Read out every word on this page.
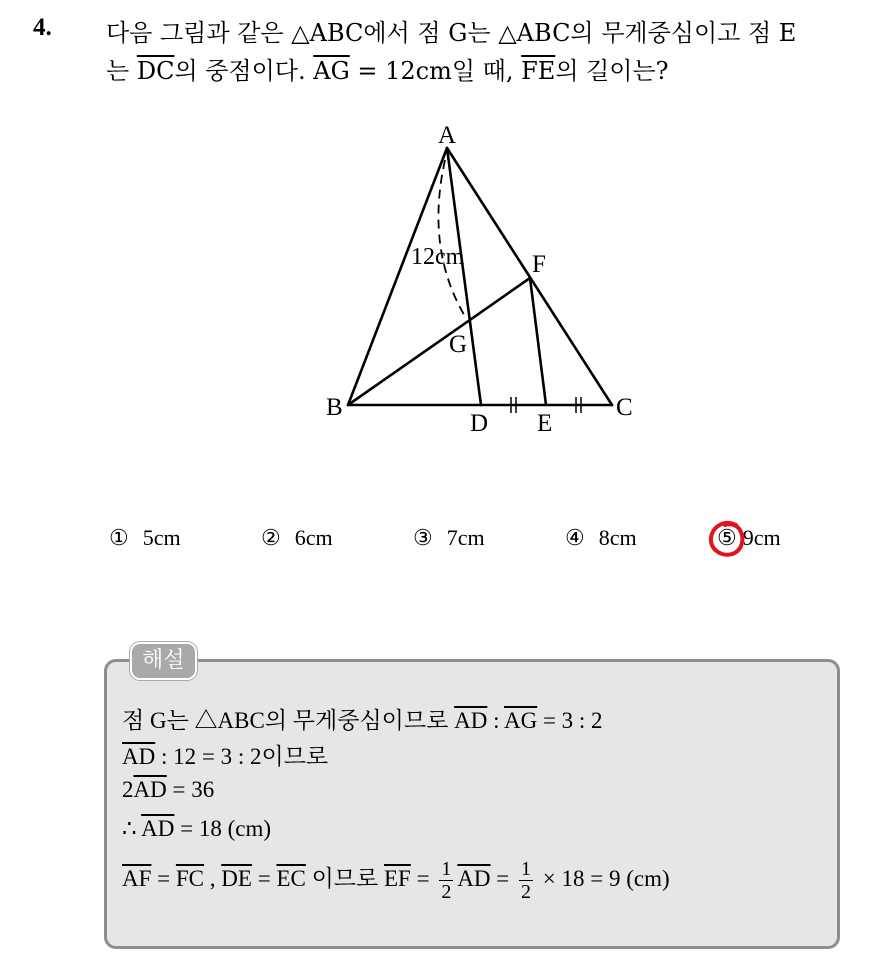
4. 다음 그림과 같은 △ABC에서 점 G는 △ABC의 무게중심이고 점 E
는 $\overline{DC}$의 중점이다. $\overline{AG} = 12cm$일 때, $\overline{FE}$의 길이는?
A
B	C
D E
F
G
12cm
① 5cm	② 6cm	③ 7cm	④ 8cm	⑤ 9cm
해설
점 G는 △ABC의 무게중심이므로 $\overline{AD}$ : $\overline{AG} = 3$ : 2
$\overline{AD}$ : 12 = 3 : 2이므로
$2\overline{AD} = 36$
∴ $\overline{AD} = 18$ (cm)
$\overline{AF} = \overline{FC}$ , $\overline{DE} = \overline{EC}$ 이므로 $\overline{EF} = \frac{1}{2} \overline{AD} = \frac{1}{2} \times 18 = 9$ (cm)
